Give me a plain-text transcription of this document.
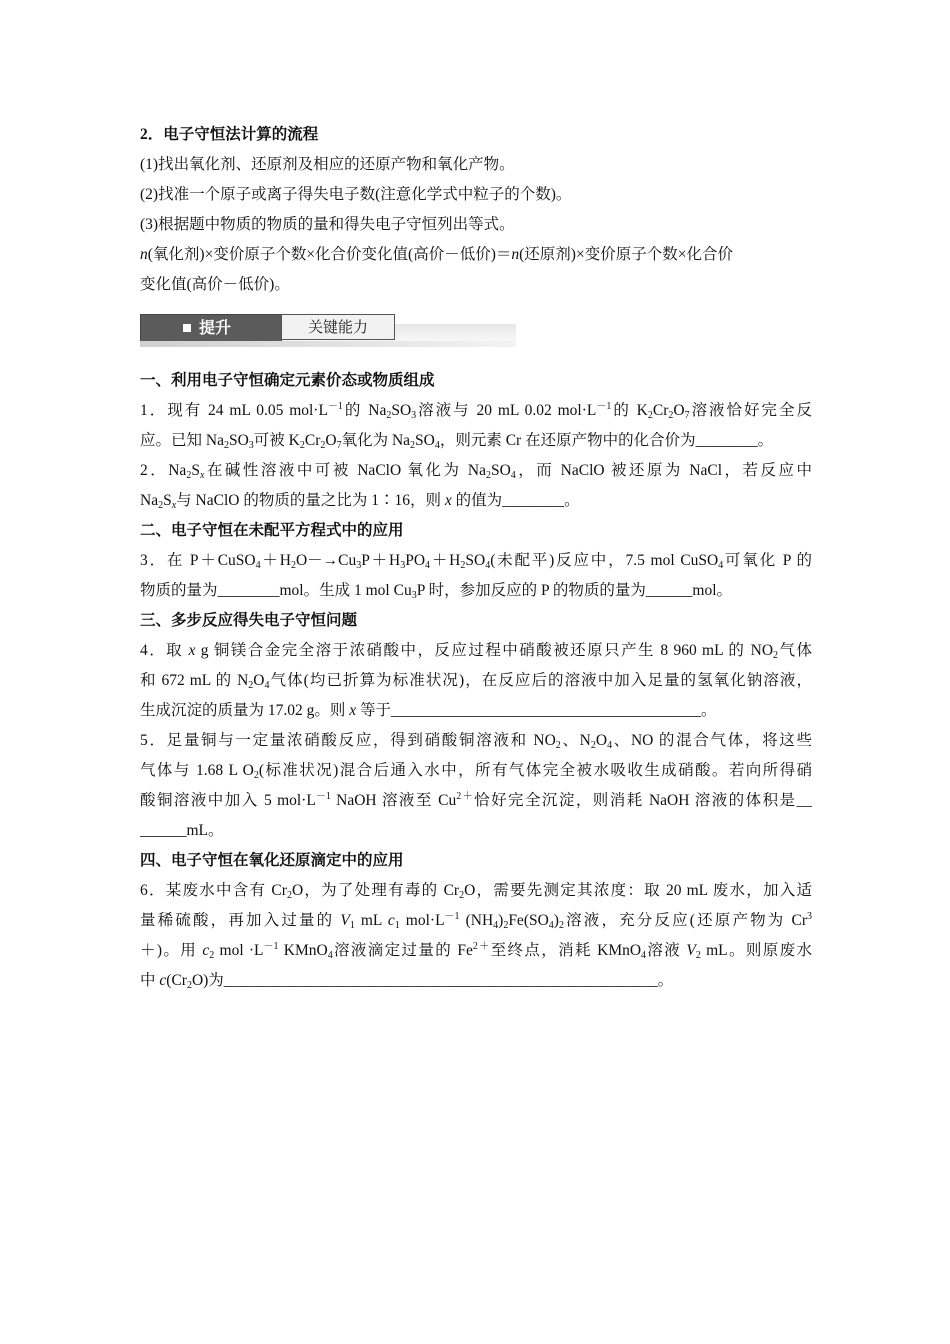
2．电子守恒法计算的流程
(1)找出氧化剂、还原剂及相应的还原产物和氧化产物。
(2)找准一个原子或离子得失电子数(注意化学式中粒子的个数)。
(3)根据题中物质的物质的量和得失电子守恒列出等式。
n(氧化剂)×变价原子个数×化合价变化值(高价－低价)＝n(还原剂)×变价原子个数×化合价
变化值(高价－低价)。
提升	关键能力
一、利用电子守恒确定元素价态或物质组成
1．现有 24 mL 0.05 $mol\cdot L^{-1}$的 $Na_2SO_3$溶液与 20 mL 0.02 $mol\cdot L^{-1}$的 $K_2Cr_2O_7$溶液恰好完全反
应。已知 $Na_2SO_3$可被 $K_2Cr_2O_7$氧化为 $Na_2SO_4$，则元素 Cr 在还原产物中的化合价为________。
2．$Na_2S_x$在碱性溶液中可被 NaClO 氧化为 $Na_2SO_4$，而 NaClO 被还原为 NaCl，若反应中
$Na_2S_x$与 NaClO 的物质的量之比为 1∶16，则 x 的值为________。
二、电子守恒在未配平方程式中的应用
3．在 $P+CuSO_4+H_2O-\to Cu_3P+H_3PO_4+H_2SO_4$(未配平)反应中，7.5 mol CuSO$_4$可氧化 P 的
物质的量为________mol。生成 1 mol $Cu_3P$ 时，参加反应的 P 的物质的量为______mol。
三、多步反应得失电子守恒问题
4．取 x g 铜镁合金完全溶于浓硝酸中，反应过程中硝酸被还原只产生 8 960 mL 的 $NO_2$气体
和 672 mL 的 $N_2O_4$气体(均已折算为标准状况)，在反应后的溶液中加入足量的氢氧化钠溶液，
生成沉淀的质量为 17.02 g。则 x 等于________________________________________。
5．足量铜与一定量浓硝酸反应，得到硝酸铜溶液和 $NO_2$、$N_2O_4$、NO 的混合气体，将这些
气体与 1.68 L $O_2$(标准状况)混合后通入水中，所有气体完全被水吸收生成硝酸。若向所得硝
酸铜溶液中加入 5 $mol\cdot L^{-1}$ NaOH 溶液至 $Cu^{2+}$恰好完全沉淀，则消耗 NaOH 溶液的体积是__
______mL。
四、电子守恒在氧化还原滴定中的应用
6．某废水中含有 $Cr_2O$，为了处理有毒的 $Cr_2O$，需要先测定其浓度：取 20 mL 废水，加入适
量稀硫酸，再加入过量的 $V_1$ mL $c_1$ $mol\cdot L^{-1}$ $(NH_4)_2Fe(SO_4)_2$溶液，充分反应(还原产物为 $Cr^3$
＋)。用 $c_2$ mol $\cdot L^{-1}$ KMnO$_4$溶液滴定过量的 $Fe^{2+}$至终点，消耗 KMnO$_4$溶液 $V_2$ mL。则原废水
中 $c(Cr_2O)$为________________________________________________________。
